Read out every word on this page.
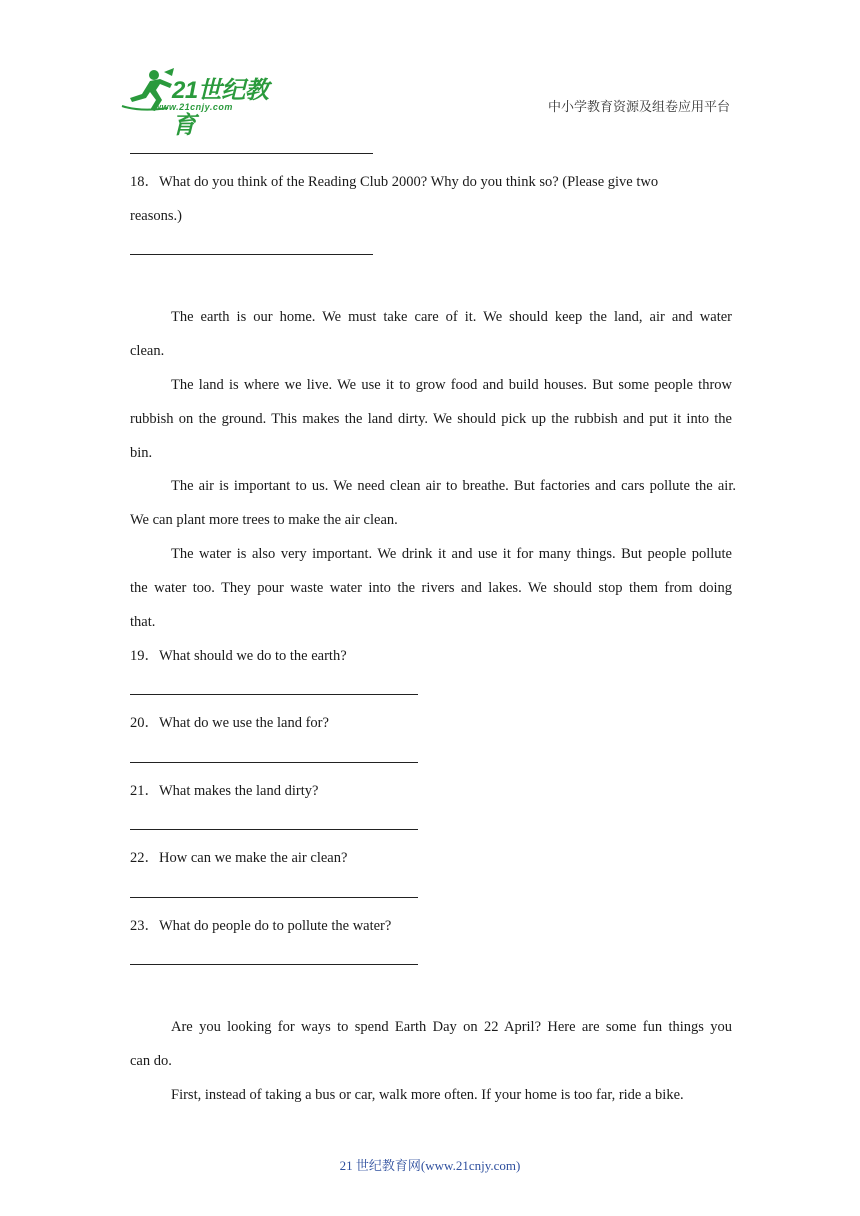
21世纪教育
www.21cnjy.com	中小学教育资源及组卷应用平台
18．What do you think of the Reading Club 2000? Why do you think so? (Please give two
reasons.)
The earth is our home. We must take care of it. We should keep the land, air and water
clean.
The land is where we live. We use it to grow food and build houses. But some people throw
rubbish on the ground. This makes the land dirty. We should pick up the rubbish and put it into the
bin.
The air is important to us. We need clean air to breathe. But factories and cars pollute the air.
We can plant more trees to make the air clean.
The water is also very important. We drink it and use it for many things. But people pollute
the water too. They pour waste water into the rivers and lakes. We should stop them from doing
that.
19．What should we do to the earth?
20．What do we use the land for?
21．What makes the land dirty?
22．How can we make the air clean?
23．What do people do to pollute the water?
Are you looking for ways to spend Earth Day on 22 April? Here are some fun things you
can do.
First, instead of taking a bus or car, walk more often. If your home is too far, ride a bike.
21 世纪教育网(www.21cnjy.com)
